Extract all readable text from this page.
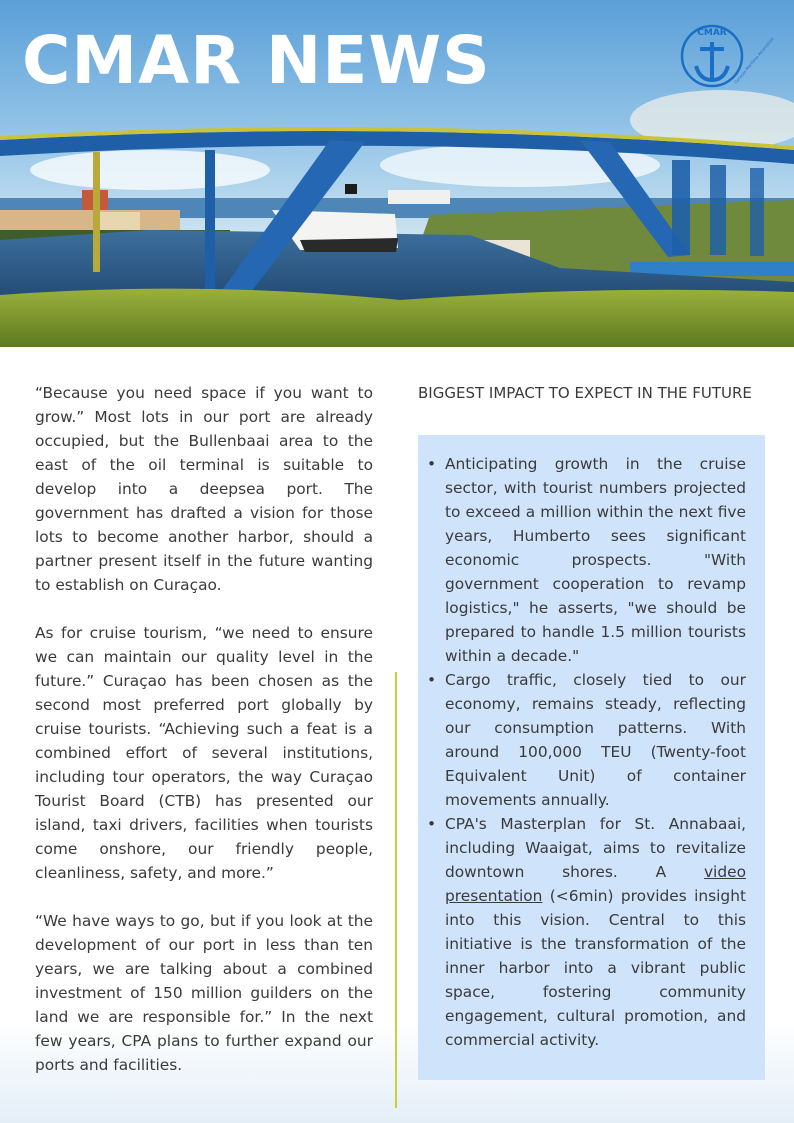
CMAR NEWS	CMAR
Curaçao Maritime Association

“Because you need space if you want to grow.” Most lots in our port are already occupied, but the Bullenbaai area to the east of the oil terminal is suitable to develop into a deepsea port. The government has drafted a vision for those lots to become another harbor, should a partner present itself in the future wanting to establish on Curaçao.

As for cruise tourism, “we need to ensure we can maintain our quality level in the future.” Curaçao has been chosen as the second most preferred port globally by cruise tourists. “Achieving such a feat is a combined effort of several institutions, including tour operators, the way Curaçao Tourist Board (CTB) has presented our island, taxi drivers, facilities when tourists come onshore, our friendly people, cleanliness, safety, and more.”

“We have ways to go, but if you look at the development of our port in less than ten years, we are talking about a combined investment of 150 million guilders on the land we are responsible for.” In the next few years, CPA plans to further expand our ports and facilities.

BIGGEST IMPACT TO EXPECT IN THE FUTURE
• Anticipating growth in the cruise sector, with tourist numbers projected to exceed a million within the next five years, Humberto sees significant economic prospects. "With government cooperation to revamp logistics," he asserts, "we should be prepared to handle 1.5 million tourists within a decade."
• Cargo traffic, closely tied to our economy, remains steady, reflecting our consumption patterns. With around 100,000 TEU (Twenty-foot Equivalent Unit) of container movements annually.
• CPA's Masterplan for St. Annabaai, including Waaigat, aims to revitalize downtown shores. A video presentation (<6min) provides insight into this vision. Central to this initiative is the transformation of the inner harbor into a vibrant public space, fostering community engagement, cultural promotion, and commercial activity.
